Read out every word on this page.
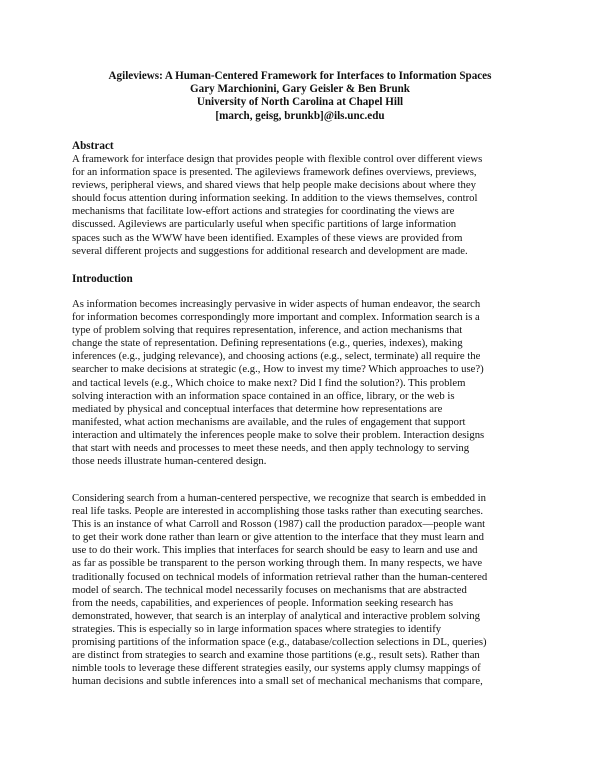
Agileviews: A Human-Centered Framework for Interfaces to Information Spaces
Gary Marchionini, Gary Geisler & Ben Brunk
University of North Carolina at Chapel Hill
[march, geisg, brunkb]@ils.unc.edu
Abstract
A framework for interface design that provides people with flexible control over different views
for an information space is presented. The agileviews framework defines overviews, previews,
reviews, peripheral views, and shared views that help people make decisions about where they
should focus attention during information seeking. In addition to the views themselves, control
mechanisms that facilitate low-effort actions and strategies for coordinating the views are
discussed. Agileviews are particularly useful when specific partitions of large information
spaces such as the WWW have been identified. Examples of these views are provided from
several different projects and suggestions for additional research and development are made.
Introduction
As information becomes increasingly pervasive in wider aspects of human endeavor, the search
for information becomes correspondingly more important and complex. Information search is a
type of problem solving that requires representation, inference, and action mechanisms that
change the state of representation. Defining representations (e.g., queries, indexes), making
inferences (e.g., judging relevance), and choosing actions (e.g., select, terminate) all require the
searcher to make decisions at strategic (e.g., How to invest my time? Which approaches to use?)
and tactical levels (e.g., Which choice to make next? Did I find the solution?). This problem
solving interaction with an information space contained in an office, library, or the web is
mediated by physical and conceptual interfaces that determine how representations are
manifested, what action mechanisms are available, and the rules of engagement that support
interaction and ultimately the inferences people make to solve their problem. Interaction designs
that start with needs and processes to meet these needs, and then apply technology to serving
those needs illustrate human-centered design.
Considering search from a human-centered perspective, we recognize that search is embedded in
real life tasks. People are interested in accomplishing those tasks rather than executing searches.
This is an instance of what Carroll and Rosson (1987) call the production paradox—people want
to get their work done rather than learn or give attention to the interface that they must learn and
use to do their work. This implies that interfaces for search should be easy to learn and use and
as far as possible be transparent to the person working through them. In many respects, we have
traditionally focused on technical models of information retrieval rather than the human-centered
model of search. The technical model necessarily focuses on mechanisms that are abstracted
from the needs, capabilities, and experiences of people. Information seeking research has
demonstrated, however, that search is an interplay of analytical and interactive problem solving
strategies. This is especially so in large information spaces where strategies to identify
promising partitions of the information space (e.g., database/collection selections in DL, queries)
are distinct from strategies to search and examine those partitions (e.g., result sets). Rather than
nimble tools to leverage these different strategies easily, our systems apply clumsy mappings of
human decisions and subtle inferences into a small set of mechanical mechanisms that compare,
